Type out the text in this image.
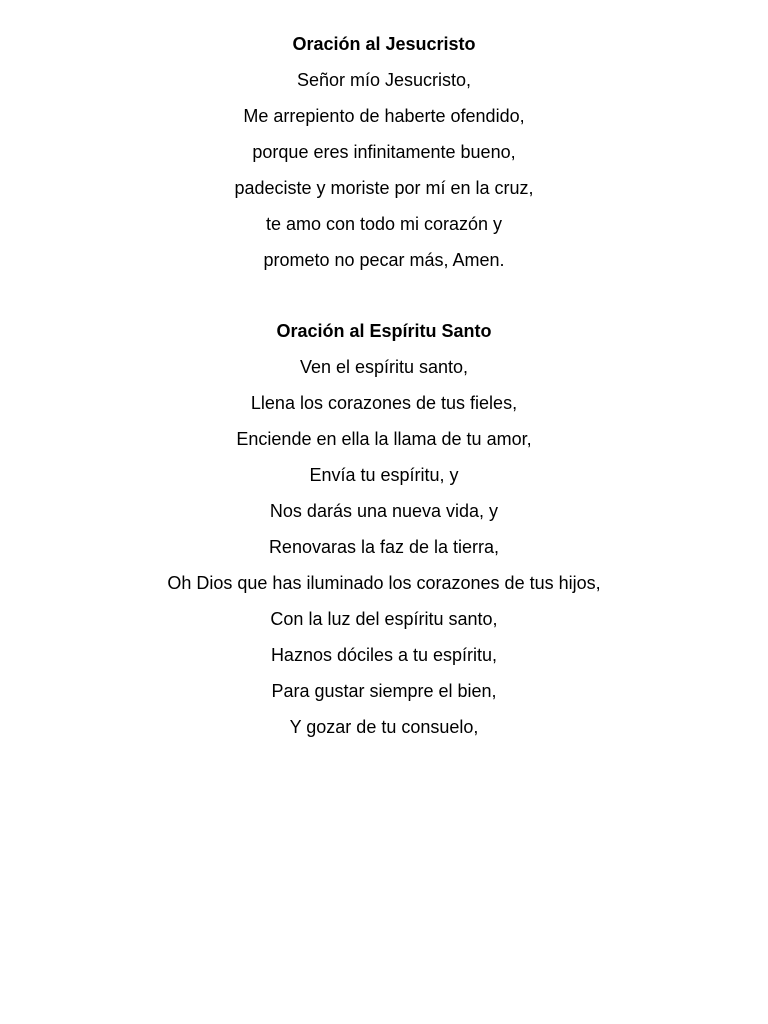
Oración al Jesucristo
Señor mío Jesucristo,
Me arrepiento de haberte ofendido,
porque eres infinitamente bueno,
padeciste y moriste por mí en la cruz,
te amo con todo mi corazón y
prometo no pecar más, Amen.
Oración al Espíritu Santo
Ven el espíritu santo,
Llena los corazones de tus fieles,
Enciende en ella la llama de tu amor,
Envía tu espíritu, y
Nos darás una nueva vida, y
Renovaras la faz de la tierra,
Oh Dios que has iluminado los corazones de tus hijos,
Con la luz del espíritu santo,
Haznos dóciles a tu espíritu,
Para gustar siempre el bien,
Y gozar de tu consuelo,
